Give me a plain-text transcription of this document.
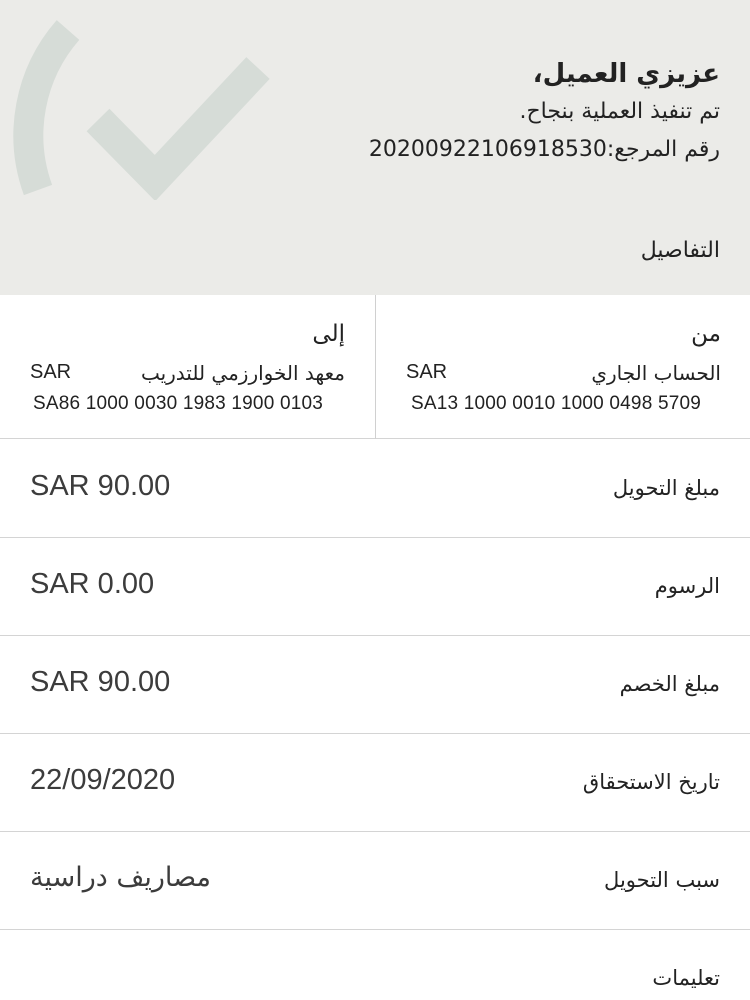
عزيزي العميل،
تم تنفيذ العملية بنجاح.
رقم المرجع:20200922106918530
التفاصيل
من
الحساب الجاري
SAR
SA13 1000 0010 1000 0498 5709
إلى
معهد الخوارزمي للتدريب
SAR
SA86 1000 0030 1983 1900 0103
مبلغ التحويل
SAR 90.00
الرسوم
SAR 0.00
مبلغ الخصم
SAR 90.00
تاريخ الاستحقاق
22/09/2020
سبب التحويل
مصاريف دراسية
تعليمات
